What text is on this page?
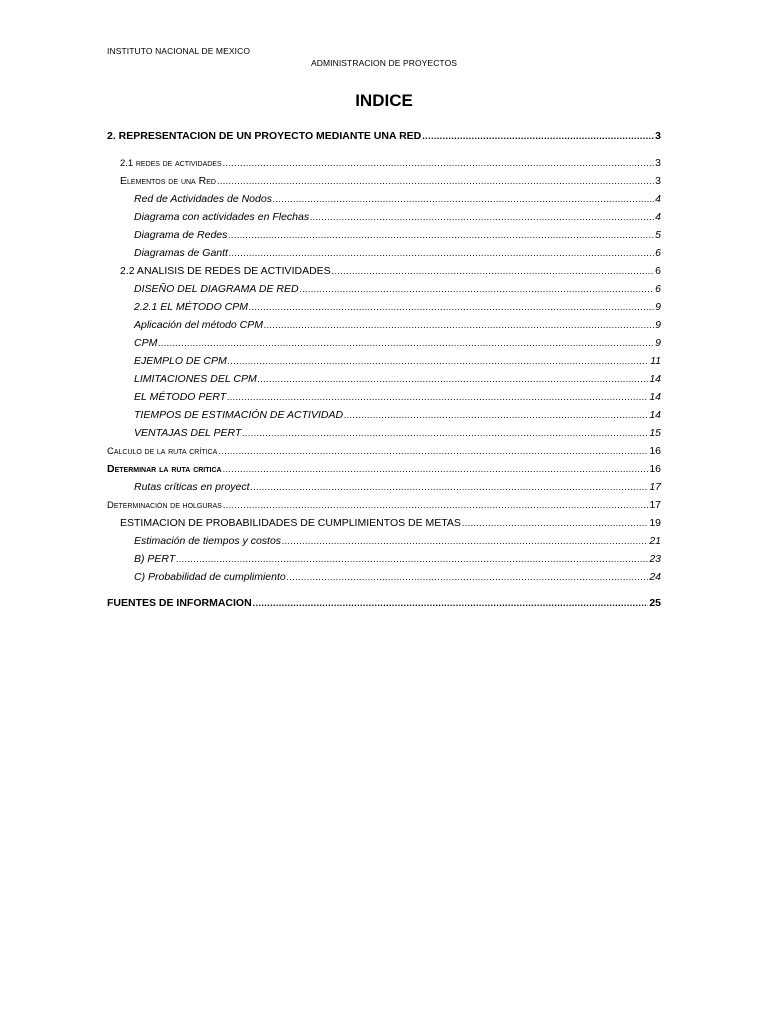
INSTITUTO NACIONAL DE MEXICO
ADMINISTRACION DE PROYECTOS
INDICE
2. REPRESENTACION DE UN PROYECTO MEDIANTE UNA RED .....	3
2.1 redes de actividades .....	3
Elementos de una Red .....	3
Red de Actividades de Nodos .....	4
Diagrama con actividades en Flechas .....	4
Diagrama de Redes .....	5
Diagramas de Gantt .....	6
2.2 ANALISIS DE REDES DE ACTIVIDADES .....	6
DISEÑO DEL DIAGRAMA DE RED .....	6
2.2.1 EL MÉTODO CPM .....	9
Aplicación del método CPM .....	9
CPM .....	9
EJEMPLO DE CPM .....	11
LIMITACIONES DEL CPM .....	14
EL MÉTODO PERT .....	14
TIEMPOS DE ESTIMACIÓN DE ACTIVIDAD .....	14
VENTAJAS DEL PERT .....	15
Calculo de la ruta crítica .....	16
Determinar la ruta critica .....	16
Rutas críticas en proyect .....	17
Determinación de holguras .....	17
ESTIMACION DE PROBABILIDADES DE CUMPLIMIENTOS DE METAS .....	19
Estimación de tiempos y costos .....	21
B) PERT .....	23
C) Probabilidad de cumplimiento .....	24
FUENTES DE INFORMACION .....	25
